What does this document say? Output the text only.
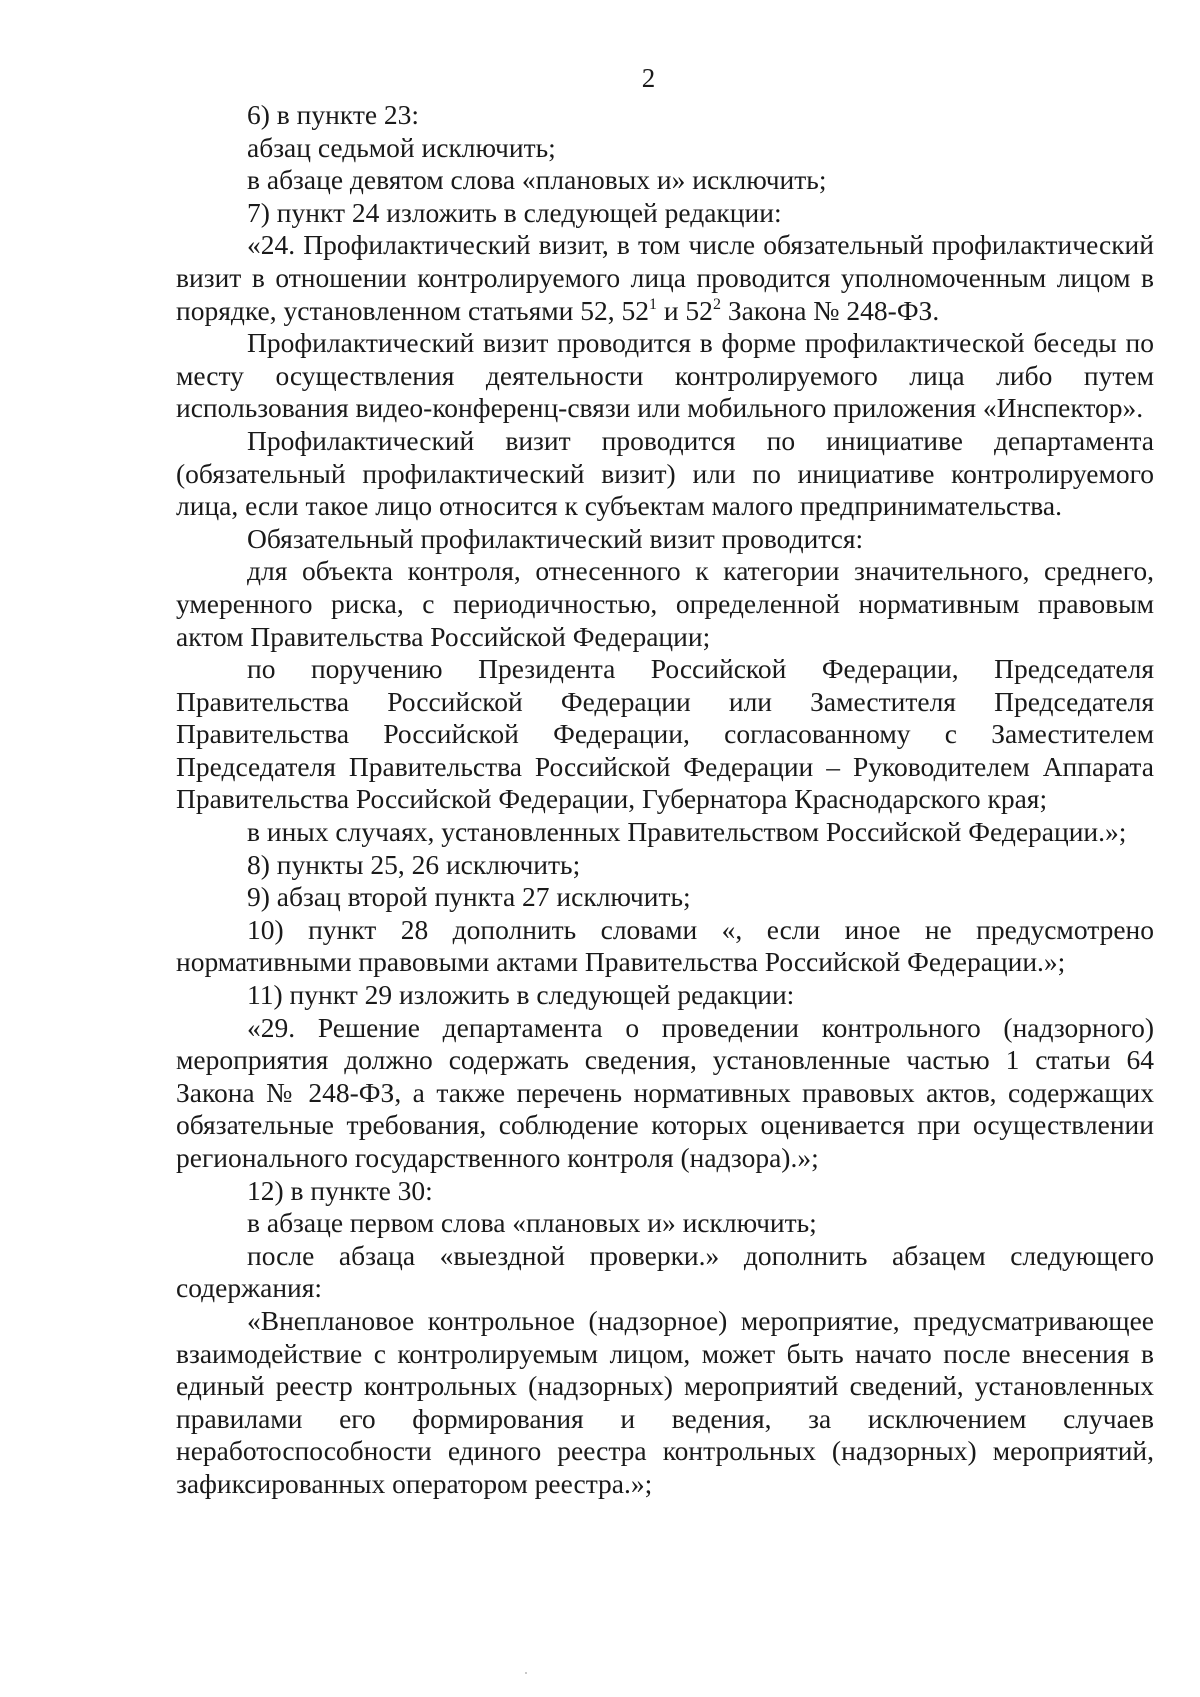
2

6) в пункте 23:

абзац седьмой исключить;

в абзаце девятом слова «плановых и» исключить;

7) пункт 24 изложить в следующей редакции:

«24. Профилактический визит, в том числе обязательный профилактический визит в отношении контролируемого лица проводится уполномоченным лицом в порядке, установленном статьями 52, $52^1$ и $52^2$ Закона № 248-ФЗ.

Профилактический визит проводится в форме профилактической беседы по месту осуществления деятельности контролируемого лица либо путем использования видео-конференц-связи или мобильного приложения «Инспектор».

Профилактический визит проводится по инициативе департамента (обязательный профилактический визит) или по инициативе контролируемого лица, если такое лицо относится к субъектам малого предпринимательства.

Обязательный профилактический визит проводится:

для объекта контроля, отнесенного к категории значительного, среднего, умеренного риска, с периодичностью, определенной нормативным правовым актом Правительства Российской Федерации;

по поручению Президента Российской Федерации, Председателя Правительства Российской Федерации или Заместителя Председателя Правительства Российской Федерации, согласованному с Заместителем Председателя Правительства Российской Федерации – Руководителем Аппарата Правительства Российской Федерации, Губернатора Краснодарского края;

в иных случаях, установленных Правительством Российской Федерации.»;

8) пункты 25, 26 исключить;

9) абзац второй пункта 27 исключить;

10) пункт 28 дополнить словами «, если иное не предусмотрено нормативными правовыми актами Правительства Российской Федерации.»;

11) пункт 29 изложить в следующей редакции:

«29. Решение департамента о проведении контрольного (надзорного) мероприятия должно содержать сведения, установленные частью 1 статьи 64 Закона № 248-ФЗ, а также перечень нормативных правовых актов, содержащих обязательные требования, соблюдение которых оценивается при осуществлении регионального государственного контроля (надзора).»;

12) в пункте 30:

в абзаце первом слова «плановых и» исключить;

после абзаца «выездной проверки.» дополнить абзацем следующего содержания:

«Внеплановое контрольное (надзорное) мероприятие, предусматривающее взаимодействие с контролируемым лицом, может быть начато после внесения в единый реестр контрольных (надзорных) мероприятий сведений, установленных правилами его формирования и ведения, за исключением случаев неработоспособности единого реестра контрольных (надзорных) мероприятий, зафиксированных оператором реестра.»;
